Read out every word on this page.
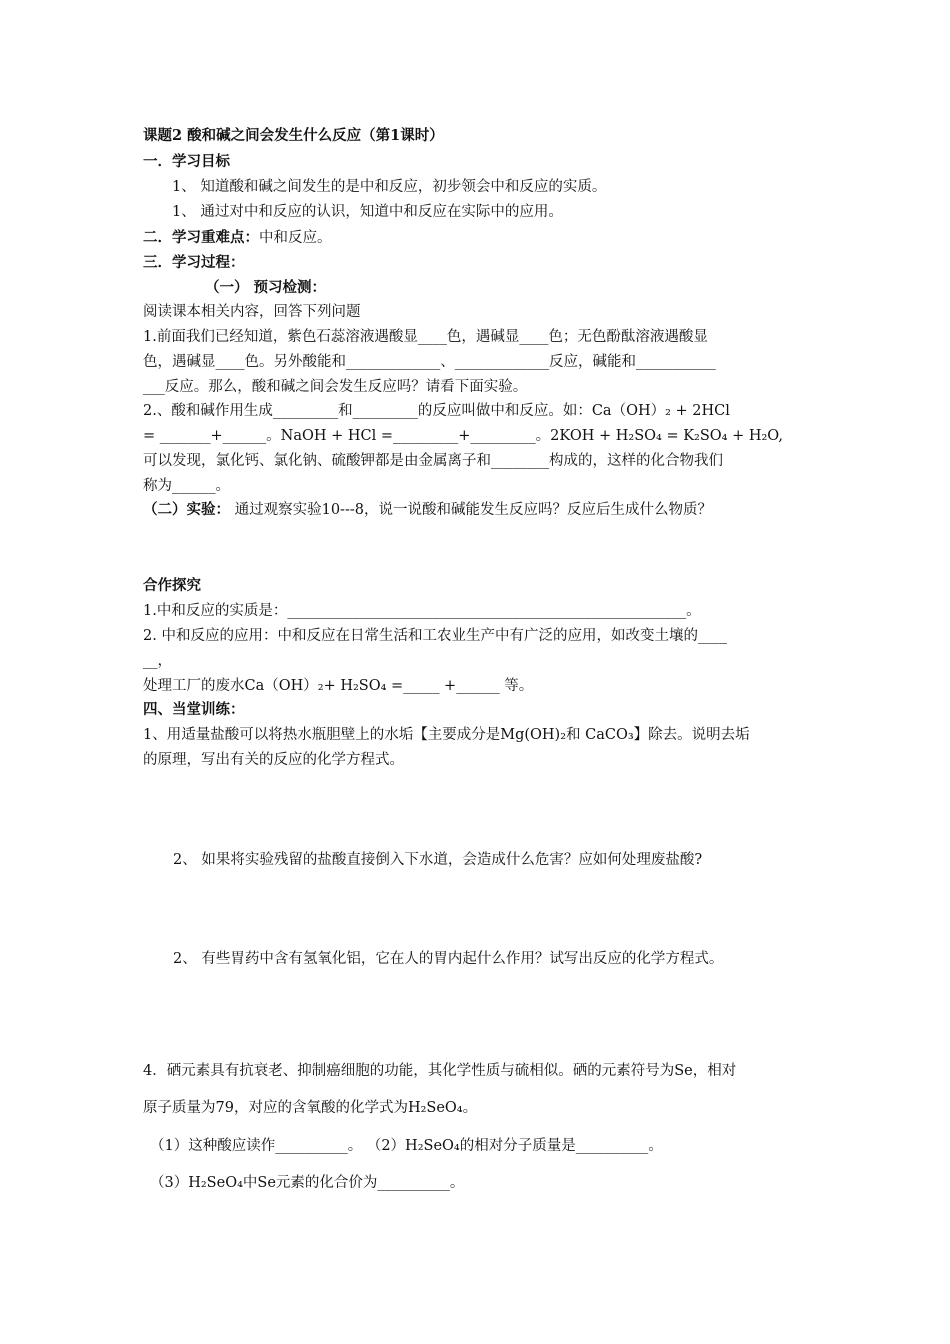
课题2 酸和碱之间会发生什么反应（第1课时）
一．学习目标
1、 知道酸和碱之间发生的是中和反应，初步领会中和反应的实质。
1、 通过对中和反应的认识，知道中和反应在实际中的应用。
二．学习重难点：中和反应。
三．学习过程：
（一） 预习检测：
阅读课本相关内容，回答下列问题
1.前面我们已经知道，紫色石蕊溶液遇酸显____色，遇碱显____色；无色酚酞溶液遇酸显
色，遇碱显____色。另外酸能和_____________、_____________反应，碱能和___________
___反应。那么，酸和碱之间会发生反应吗？请看下面实验。
2.、酸和碱作用生成_________和_________的反应叫做中和反应。如：Ca（OH）₂ + 2HCl
= _______+______。NaOH + HCl =_________+_________。2KOH + H₂SO₄ = K₂SO₄ + H₂O,
可以发现，氯化钙、氯化钠、硫酸钾都是由金属离子和________构成的，这样的化合物我们
称为______。
（二）实验： 通过观察实验10---8，说一说酸和碱能发生反应吗？反应后生成什么物质？
合作探究
1.中和反应的实质是：_______________________________________________________。
2. 中和反应的应用：中和反应在日常生活和工农业生产中有广泛的应用，如改变土壤的____
__，
处理工厂的废水Ca（OH）₂+ H₂SO₄ =_____ +______ 等。
四、当堂训练：
1、用适量盐酸可以将热水瓶胆壁上的水垢【主要成分是Mg(OH)₂和 CaCO₃】除去。说明去垢
的原理，写出有关的反应的化学方程式。
2、 如果将实验残留的盐酸直接倒入下水道，会造成什么危害？应如何处理废盐酸?
2、 有些胃药中含有氢氧化铝，它在人的胃内起什么作用？试写出反应的化学方程式。
4．硒元素具有抗衰老、抑制癌细胞的功能，其化学性质与硫相似。硒的元素符号为Se，相对
原子质量为79，对应的含氧酸的化学式为H₂SeO₄。
（1）这种酸应读作__________。 （2）H₂SeO₄的相对分子质量是__________。
（3）H₂SeO₄中Se元素的化合价为__________。
